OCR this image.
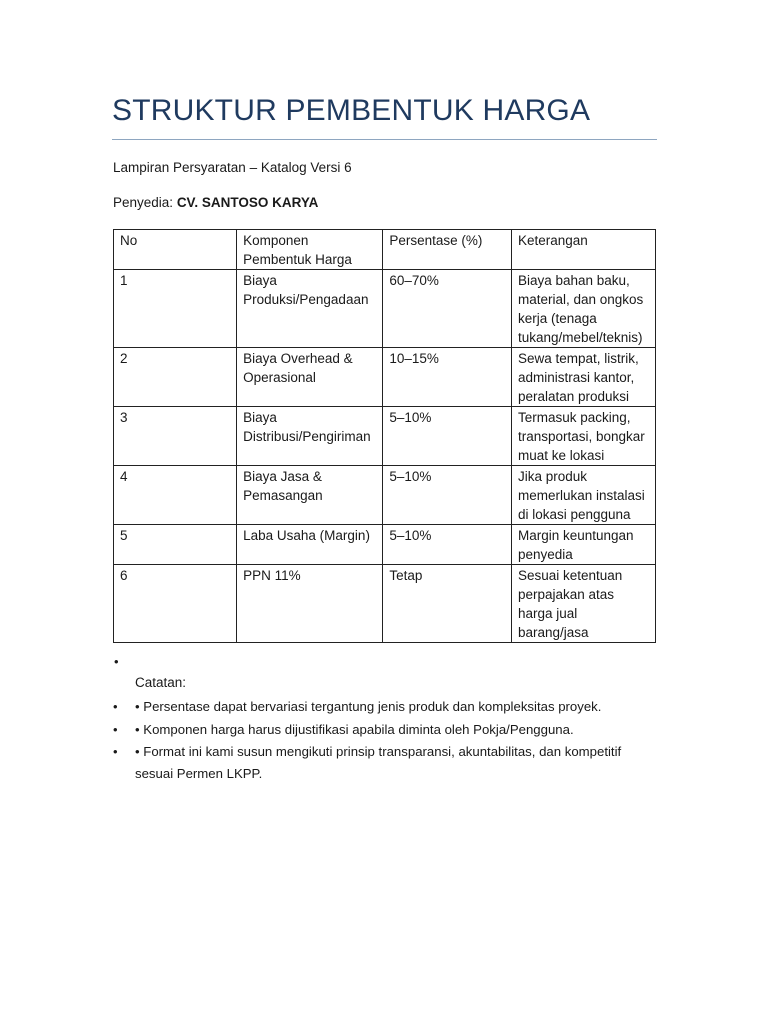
STRUKTUR PEMBENTUK HARGA
Lampiran Persyaratan – Katalog Versi 6
Penyedia: CV. SANTOSO KARYA
No	Komponen Pembentuk Harga	Persentase (%)	Keterangan

1	Biaya Produksi/Pengadaan	60–70%	Biaya bahan baku, material, dan ongkos kerja (tenaga tukang/mebel/teknis)

2	Biaya Overhead & Operasional	10–15%	Sewa tempat, listrik, administrasi kantor, peralatan produksi

3	Biaya Distribusi/Pengiriman	5–10%	Termasuk packing, transportasi, bongkar muat ke lokasi

4	Biaya Jasa & Pemasangan	5–10%	Jika produk memerlukan instalasi di lokasi pengguna

5	Laba Usaha (Margin)	5–10%	Margin keuntungan penyedia

6	PPN 11%	Tetap	Sesuai ketentuan perpajakan atas harga jual barang/jasa
•
Catatan:
• • Persentase dapat bervariasi tergantung jenis produk dan kompleksitas proyek.
• • Komponen harga harus dijustifikasi apabila diminta oleh Pokja/Pengguna.
• • Format ini kami susun mengikuti prinsip transparansi, akuntabilitas, dan kompetitif sesuai Permen LKPP.
